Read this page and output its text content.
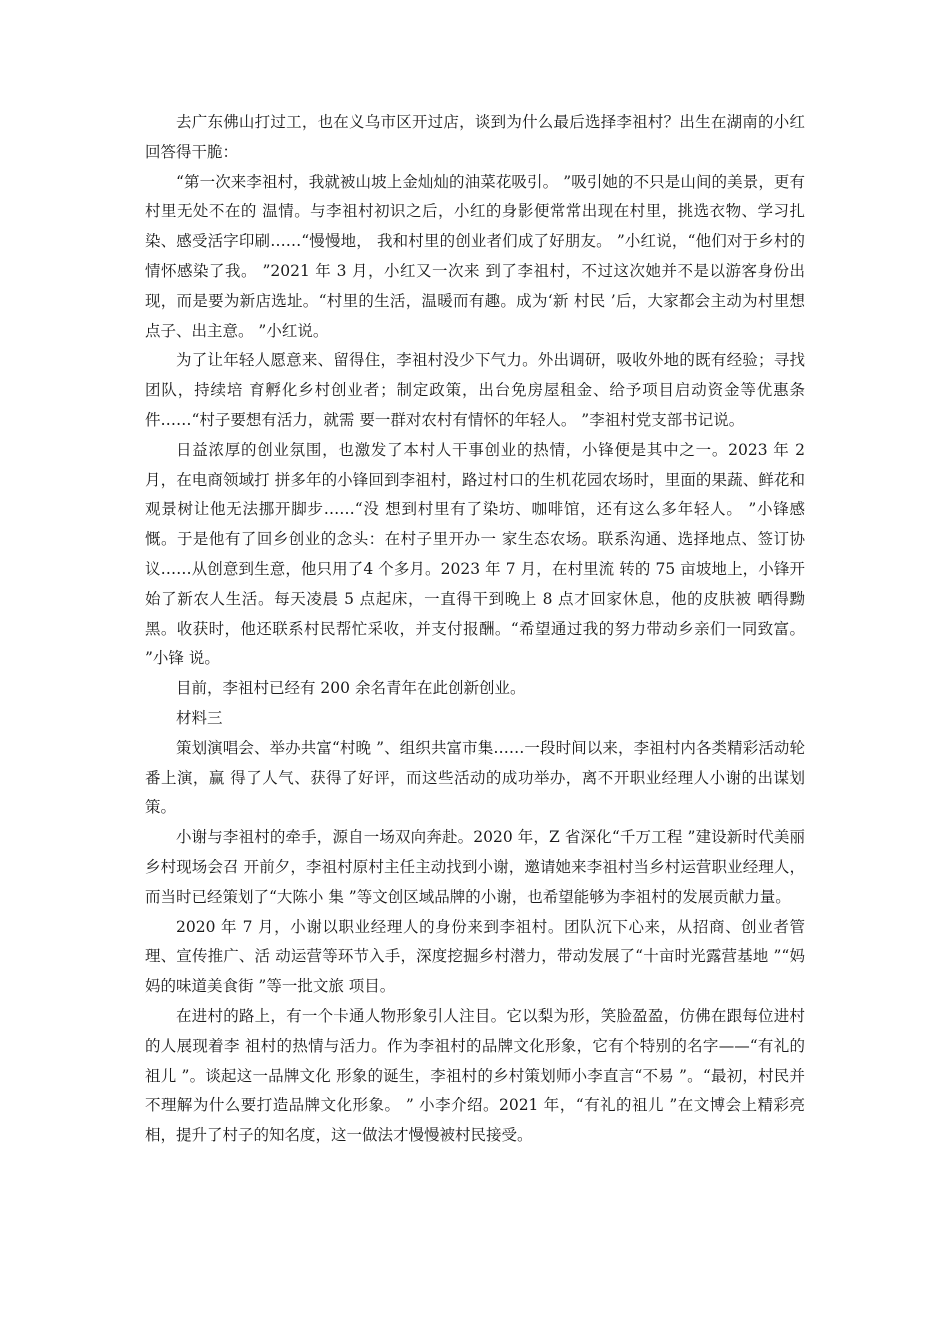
去广东佛山打过工，也在义乌市区开过店，谈到为什么最后选择李祖村？出生在湖南的小红回答得干脆：

“第一次来李祖村，我就被山坡上金灿灿的油菜花吸引。 ”吸引她的不只是山间的美景，更有村里无处不在的 温情。与李祖村初识之后，小红的身影便常常出现在村里，挑选衣物、学习扎染、感受活字印刷……“慢慢地， 我和村里的创业者们成了好朋友。 ”小红说，“他们对于乡村的情怀感染了我。 ”2021 年 3 月，小红又一次来 到了李祖村，不过这次她并不是以游客身份出现，而是要为新店选址。“村里的生活，温暖而有趣。成为‘新 村民 ’后，大家都会主动为村里想点子、出主意。 ”小红说。

为了让年轻人愿意来、留得住，李祖村没少下气力。外出调研，吸收外地的既有经验；寻找团队，持续培 育孵化乡村创业者；制定政策，出台免房屋租金、给予项目启动资金等优惠条件……“村子要想有活力，就需 要一群对农村有情怀的年轻人。 ”李祖村党支部书记说。

日益浓厚的创业氛围，也激发了本村人干事创业的热情，小锋便是其中之一。2023 年 2 月，在电商领域打 拼多年的小锋回到李祖村，路过村口的生机花园农场时，里面的果蔬、鲜花和观景树让他无法挪开脚步……“没 想到村里有了染坊、咖啡馆，还有这么多年轻人。 ”小锋感慨。于是他有了回乡创业的念头：在村子里开办一 家生态农场。联系沟通、选择地点、签订协议……从创意到生意，他只用了4 个多月。2023 年 7 月，在村里流 转的 75 亩坡地上，小锋开始了新农人生活。每天凌晨 5 点起床，一直得干到晚上 8 点才回家休息，他的皮肤被 晒得黝黑。收获时，他还联系村民帮忙采收，并支付报酬。“希望通过我的努力带动乡亲们一同致富。 ”小锋 说。

目前，李祖村已经有 200 余名青年在此创新创业。

材料三

策划演唱会、举办共富“村晚 ”、组织共富市集……一段时间以来，李祖村内各类精彩活动轮番上演，赢 得了人气、获得了好评，而这些活动的成功举办，离不开职业经理人小谢的出谋划策。

小谢与李祖村的牵手，源自一场双向奔赴。2020 年，Z 省深化“千万工程 ”建设新时代美丽乡村现场会召 开前夕，李祖村原村主任主动找到小谢，邀请她来李祖村当乡村运营职业经理人，而当时已经策划了“大陈小 集 ”等文创区域品牌的小谢，也希望能够为李祖村的发展贡献力量。

2020 年 7 月，小谢以职业经理人的身份来到李祖村。团队沉下心来，从招商、创业者管理、宣传推广、活 动运营等环节入手，深度挖掘乡村潜力，带动发展了“十亩时光露营基地 ”“妈妈的味道美食街 ”等一批文旅 项目。

在进村的路上，有一个卡通人物形象引人注目。它以梨为形，笑脸盈盈，仿佛在跟每位进村的人展现着李 祖村的热情与活力。作为李祖村的品牌文化形象，它有个特别的名字——“有礼的祖儿 ”。谈起这一品牌文化 形象的诞生，李祖村的乡村策划师小李直言“不易 ”。“最初，村民并不理解为什么要打造品牌文化形象。 ” 小李介绍。2021 年，“有礼的祖儿 ”在文博会上精彩亮相，提升了村子的知名度，这一做法才慢慢被村民接受。
